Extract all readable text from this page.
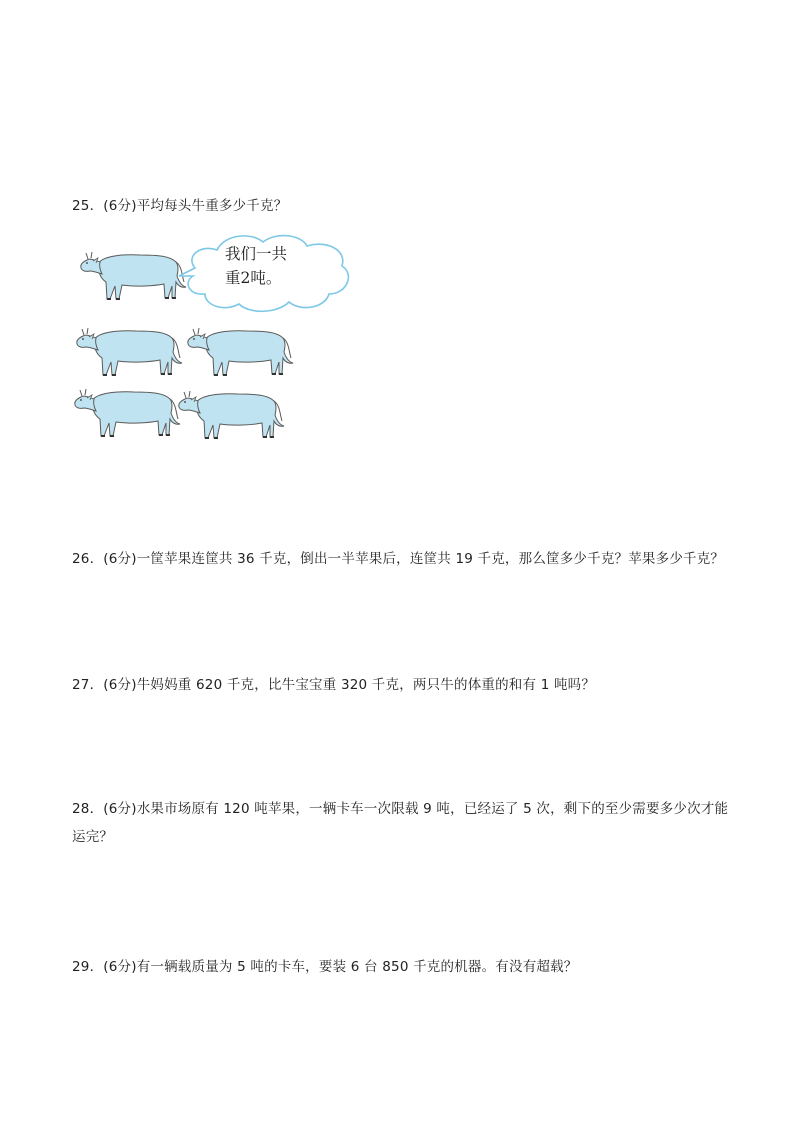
25．(6分)平均每头牛重多少千克？
我们一共
重2吨。
26．(6分)一筐苹果连筐共 36 千克，倒出一半苹果后，连筐共 19 千克，那么筐多少千克？苹果多少千克？
27．(6分)牛妈妈重 620 千克，比牛宝宝重 320 千克，两只牛的体重的和有 1 吨吗？
28．(6分)水果市场原有 120 吨苹果，一辆卡车一次限载 9 吨，已经运了 5 次，剩下的至少需要多少次才能运完？
29．(6分)有一辆载质量为 5 吨的卡车，要装 6 台 850 千克的机器。有没有超载？
